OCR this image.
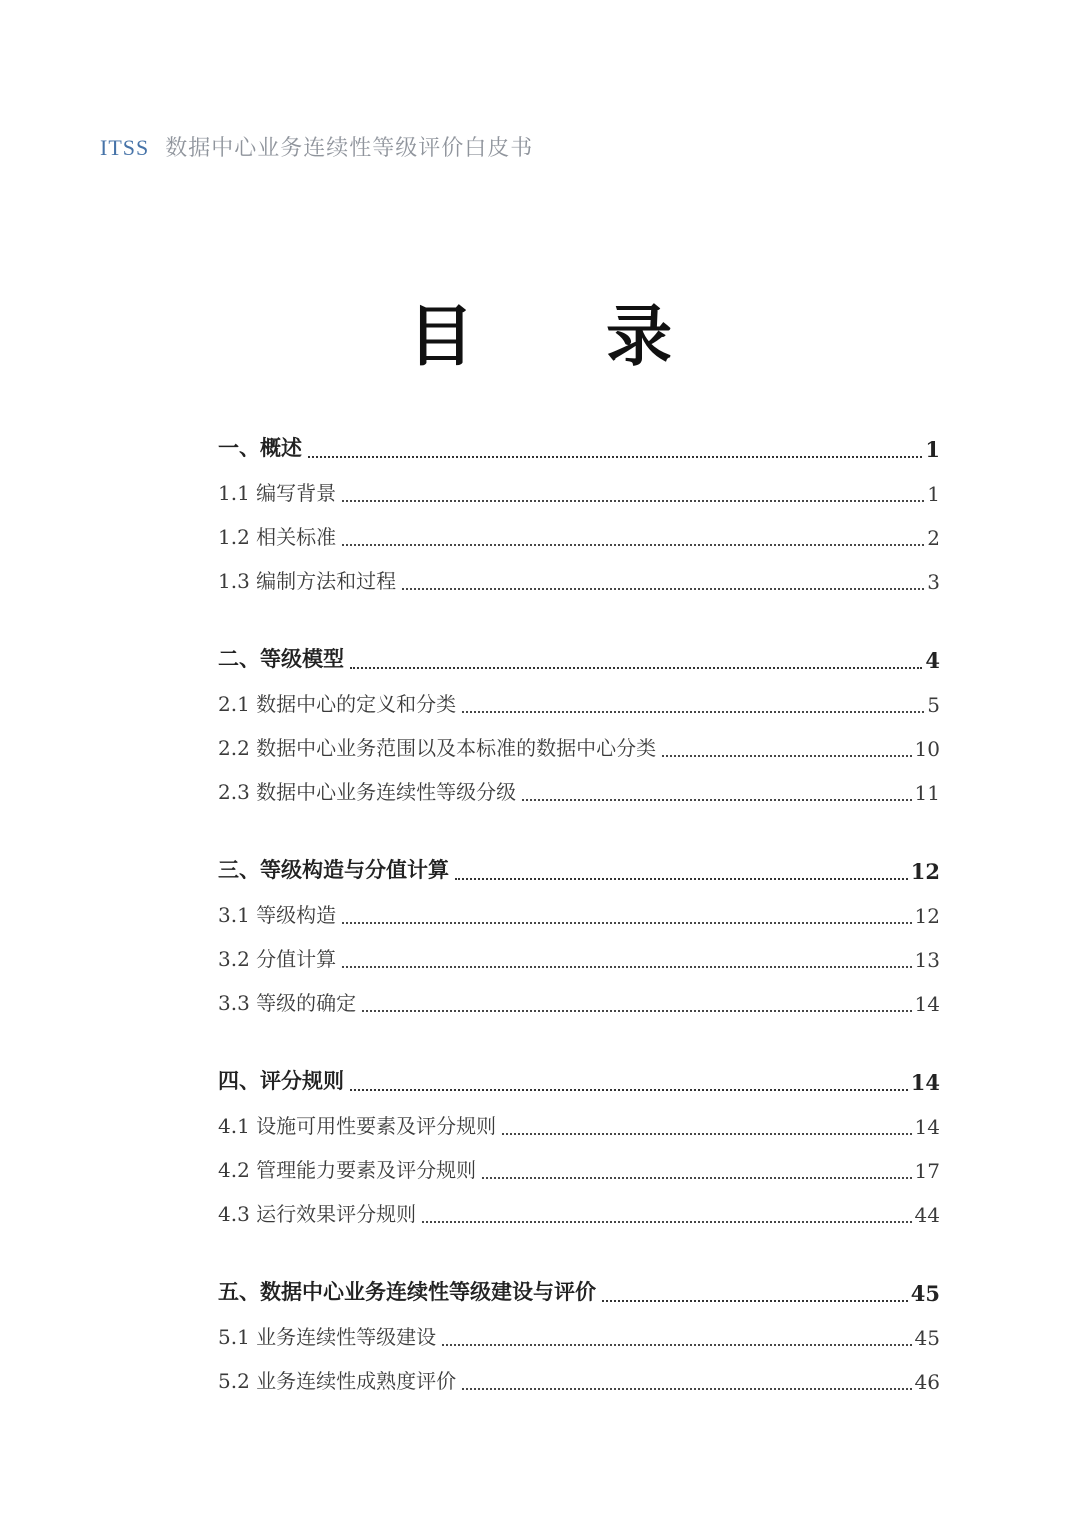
ITSS 数据中心业务连续性等级评价白皮书
目　　录
一、概述	1
1.1 编写背景	1
1.2 相关标准	2
1.3 编制方法和过程	3
二、等级模型	4
2.1 数据中心的定义和分类	5
2.2 数据中心业务范围以及本标准的数据中心分类	10
2.3 数据中心业务连续性等级分级	11
三、等级构造与分值计算	12
3.1 等级构造	12
3.2 分值计算	13
3.3 等级的确定	14
四、评分规则	14
4.1 设施可用性要素及评分规则	14
4.2 管理能力要素及评分规则	17
4.3 运行效果评分规则	44
五、数据中心业务连续性等级建设与评价	45
5.1 业务连续性等级建设	45
5.2 业务连续性成熟度评价	46
